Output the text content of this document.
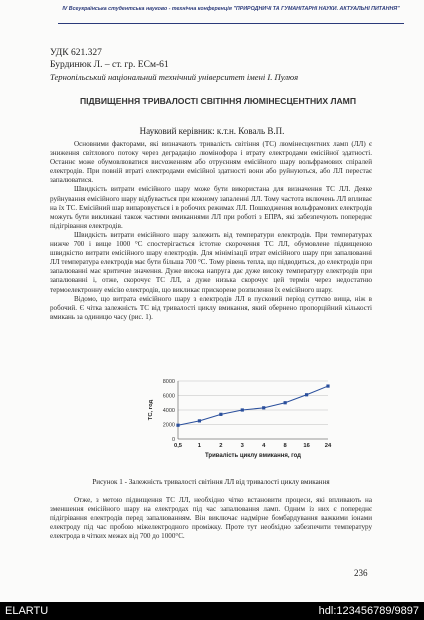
IV Всеукраїнська студентська науково - технічна конференція "ПРИРОДНИЧІ ТА ГУМАНІТАРНІ НАУКИ. АКТУАЛЬНІ ПИТАННЯ"
УДК 621.327
Бурдинюк Л. – ст. гр. ЕСм-61
Тернопільський національний технічний університет імені І. Пулюя
ПІДВИЩЕННЯ ТРИВАЛОСТІ СВІТІННЯ ЛЮМІНЕСЦЕНТНИХ ЛАМП
Науковий керівник: к.т.н. Коваль В.П.

Основними факторами, які визначають тривалість світіння (ТС) люмінесцентних ламп (ЛЛ) є зниження світлового потоку через деградацію люмінофора і втрату електродами емісійної здатності. Останнє може обумовлюватися висναженням або отруєнням емісійного шару вольфрамових спіралей електродів. При повній втраті електродами емісійної здатності вони або руйнуються, або ЛЛ перестає запалюватися.

Швидкість витрати емісійного шару може бути використана для визначення ТС ЛЛ. Деяке руйнування емісійного шару відбувається при кожному запаленні ЛЛ. Тому частота включень ЛЛ впливає на їх ТС. Емісійний шар випаровується і в робочих режимах ЛЛ. Пошкодження вольфрамових електродів можуть бути викликані також частими вмиканнями ЛЛ при роботі з ЕПРА, які забезпечують попереднє підігрівання електродів.

Швидкість витрати емісійного шару залежить від температури електродів. При температурах нижче 700 і вище 1000 °С спостерігається істотне скорочення ТС ЛЛ, обумовлене підвищеною швидкістю витрати емісійного шару електродів. Для мінімізації втрат емісійного шару при запалюванні ЛЛ температура електродів має бути більша 700 °С. Тому рівень тепла, що підводиться, до електродів при запалюванні має критичне значення. Дуже висока напруга дає дуже високу температуру електродів при запалюванні і, отже, скорочує ТС ЛЛ, а дуже низька скорочує цей термін через недостатню термоелектронну емісію електродів, що викликає прискорене розпилення їх емісійного шару.

Відомо, що витрата емісійного шару з електродів ЛЛ в пусковий період суттєво вища, ніж в робочий. Є чітка залежність ТС від тривалості циклу вмикання, який обернено пропорційний кількості вмикань за одиницю часу (рис. 1).

0
2000
4000
6000
8000
0,5	1	2	3	4	8	16	24
ТС, год
Тривалість циклу вмикання, год
Рисунок 1 - Залежність тривалості світіння ЛЛ від тривалості циклу вмикання

Отже, з метою підвищення ТС ЛЛ, необхідно чітко встановити процеси, які впливають на зменшення емісійного шару на електродах під час запалювання ламп. Одним із них є попереднє підігрівання електродів перед запалюванням. Він виключає надмірне бомбардування важкими іонами електроду під час пробою міжелектродного проміжку. Проте тут необхідно забезпечити температуру електрода в чітких межах від 700 до 1000°С.

236
ELARTU	hdl:123456789/9897
